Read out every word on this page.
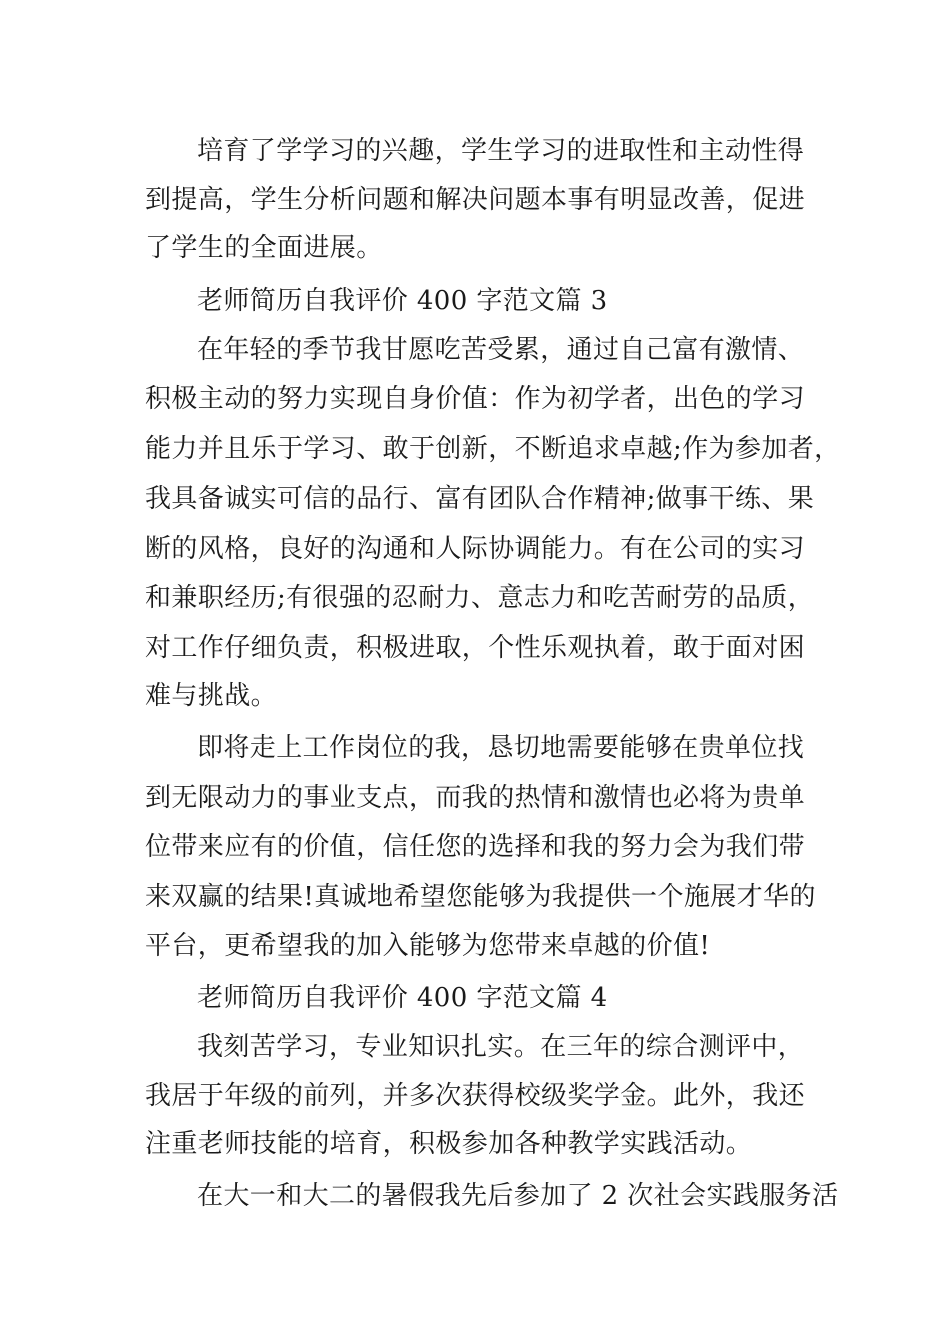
培育了学学习的兴趣，学生学习的进取性和主动性得
到提高，学生分析问题和解决问题本事有明显改善，促进
了学生的全面进展。
老师简历自我评价 400 字范文篇 3
在年轻的季节我甘愿吃苦受累，通过自己富有激情、
积极主动的努力实现自身价值：作为初学者，出色的学习
能力并且乐于学习、敢于创新，不断追求卓越;作为参加者，
我具备诚实可信的品行、富有团队合作精神;做事干练、果
断的风格，良好的沟通和人际协调能力。有在公司的实习
和兼职经历;有很强的忍耐力、意志力和吃苦耐劳的品质，
对工作仔细负责，积极进取，个性乐观执着，敢于面对困
难与挑战。
即将走上工作岗位的我，恳切地需要能够在贵单位找
到无限动力的事业支点，而我的热情和激情也必将为贵单
位带来应有的价值，信任您的选择和我的努力会为我们带
来双赢的结果!真诚地希望您能够为我提供一个施展才华的
平台，更希望我的加入能够为您带来卓越的价值!
老师简历自我评价 400 字范文篇 4
我刻苦学习，专业知识扎实。在三年的综合测评中，
我居于年级的前列，并多次获得校级奖学金。此外，我还
注重老师技能的培育，积极参加各种教学实践活动。
在大一和大二的暑假我先后参加了 2 次社会实践服务活
